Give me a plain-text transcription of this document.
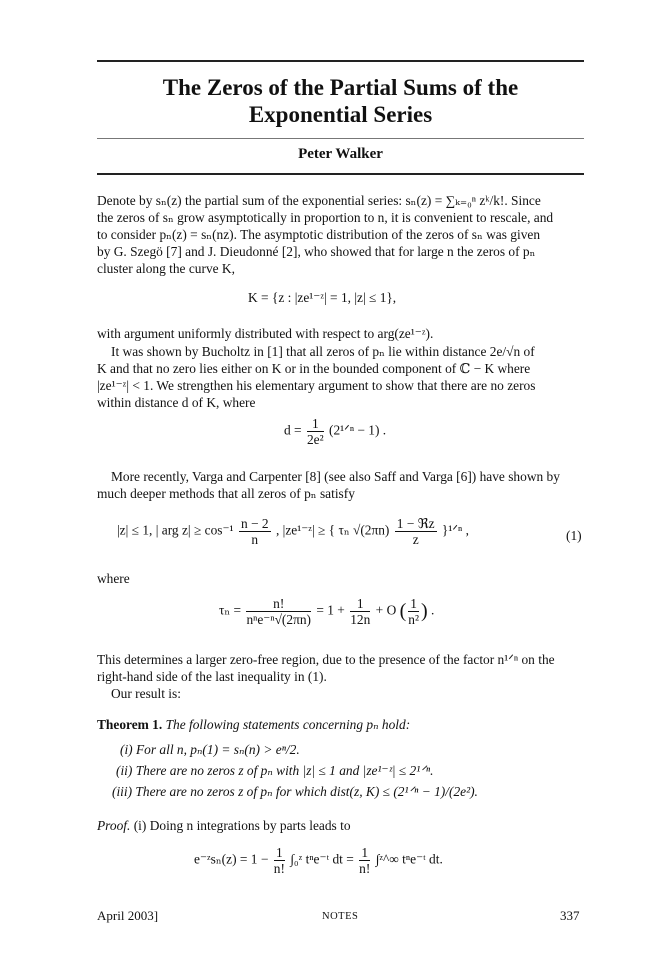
The Zeros of the Partial Sums of the
Exponential Series
Peter Walker
Denote by sₙ(z) the partial sum of the exponential series: sₙ(z) = ∑ₖ₌₀ⁿ zᵏ/k!. Since
the zeros of sₙ grow asymptotically in proportion to n, it is convenient to rescale, and
to consider pₙ(z) = sₙ(nz). The asymptotic distribution of the zeros of sₙ was given
by G. Szegö [7] and J. Dieudonné [2], who showed that for large n the zeros of pₙ
cluster along the curve K,
K = {z : |ze¹⁻ᶻ| = 1, |z| ≤ 1},
with argument uniformly distributed with respect to arg(ze¹⁻ᶻ).
It was shown by Bucholtz in [1] that all zeros of pₙ lie within distance 2e/√n of
K and that no zero lies either on K or in the bounded component of ℂ − K where
|ze¹⁻ᶻ| < 1. We strengthen his elementary argument to show that there are no zeros
within distance d of K, where
$d = \frac{1}{\text{2e²}}$ (2¹ᐟⁿ − 1) .
More recently, Varga and Carpenter [8] (see also Saff and Varga [6]) have shown by
much deeper methods that all zeros of pₙ satisfy
|z| ≤ 1, | arg $z| \ge \cos^{-1} \frac{n - 2}{n}$ , |ze¹⁻ᶻ| ≥ { τₙ $√(2\pi n) \frac{\text{1 − ℜz}}{z}$ }¹ᐟⁿ ,	(1)
where
$\tau_n = \frac{n!}{\text{nⁿe⁻ⁿ√(2πn)}} = 1 + \frac{1}{12n} + O$ ( $\frac{1}{\text{n²}}$ ) .
This determines a larger zero-free region, due to the presence of the factor n¹ᐟⁿ on the
right-hand side of the last inequality in (1).
Our result is:
Theorem 1. The following statements concerning pₙ hold:
(i) For all n, pₙ(1) = sₙ(n) > eⁿ/2.
(ii) There are no zeros z of pₙ with |z| ≤ 1 and |ze¹⁻ᶻ| ≤ 2¹ᐟⁿ.
(iii) There are no zeros z of pₙ for which dist(z, K) ≤ (2¹ᐟⁿ − 1)/(2e²).
Proof. (i) Doing n integrations by parts leads to
e⁻ᶻsₙ(z) = $1 - \frac{1}{n!}$ ∫₀ᶻ tⁿe⁻ᵗ dt = $\frac{1}{n!}$ ∫ᶻ^∞ tⁿe⁻ᵗ dt.
April 2003]	NOTES	337
